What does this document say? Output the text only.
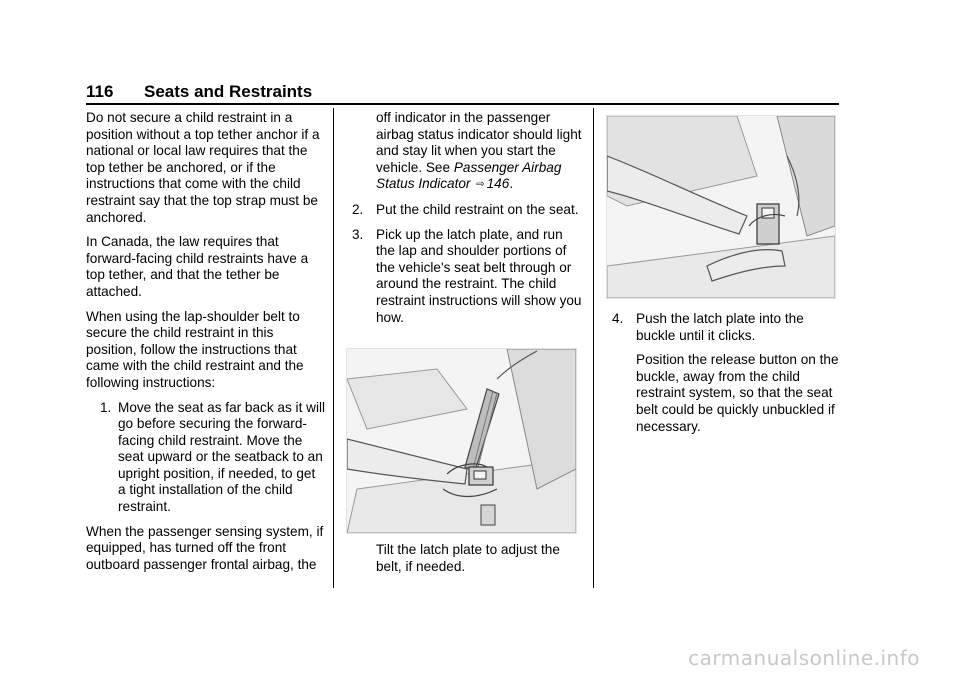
116 Seats and Restraints

Do not secure a child restraint in a position without a top tether anchor if a national or local law requires that the top tether be anchored, or if the instructions that come with the child restraint say that the top strap must be anchored.

In Canada, the law requires that forward-facing child restraints have a top tether, and that the tether be attached.

When using the lap-shoulder belt to secure the child restraint in this position, follow the instructions that came with the child restraint and the following instructions:

1. Move the seat as far back as it will go before securing the forward-facing child restraint. Move the seat upward or the seatback to an upright position, if needed, to get a tight installation of the child restraint.

When the passenger sensing system, if equipped, has turned off the front outboard passenger frontal airbag, the

off indicator in the passenger airbag status indicator should light and stay lit when you start the vehicle. See Passenger Airbag Status Indicator ⇨ 146.

2. Put the child restraint on the seat.
3. Pick up the latch plate, and run the lap and shoulder portions of the vehicle's seat belt through or around the restraint. The child restraint instructions will show you how.

Tilt the latch plate to adjust the belt, if needed.

4. Push the latch plate into the buckle until it clicks.

Position the release button on the buckle, away from the child restraint system, so that the seat belt could be quickly unbuckled if necessary.

carmanualsonline.info
